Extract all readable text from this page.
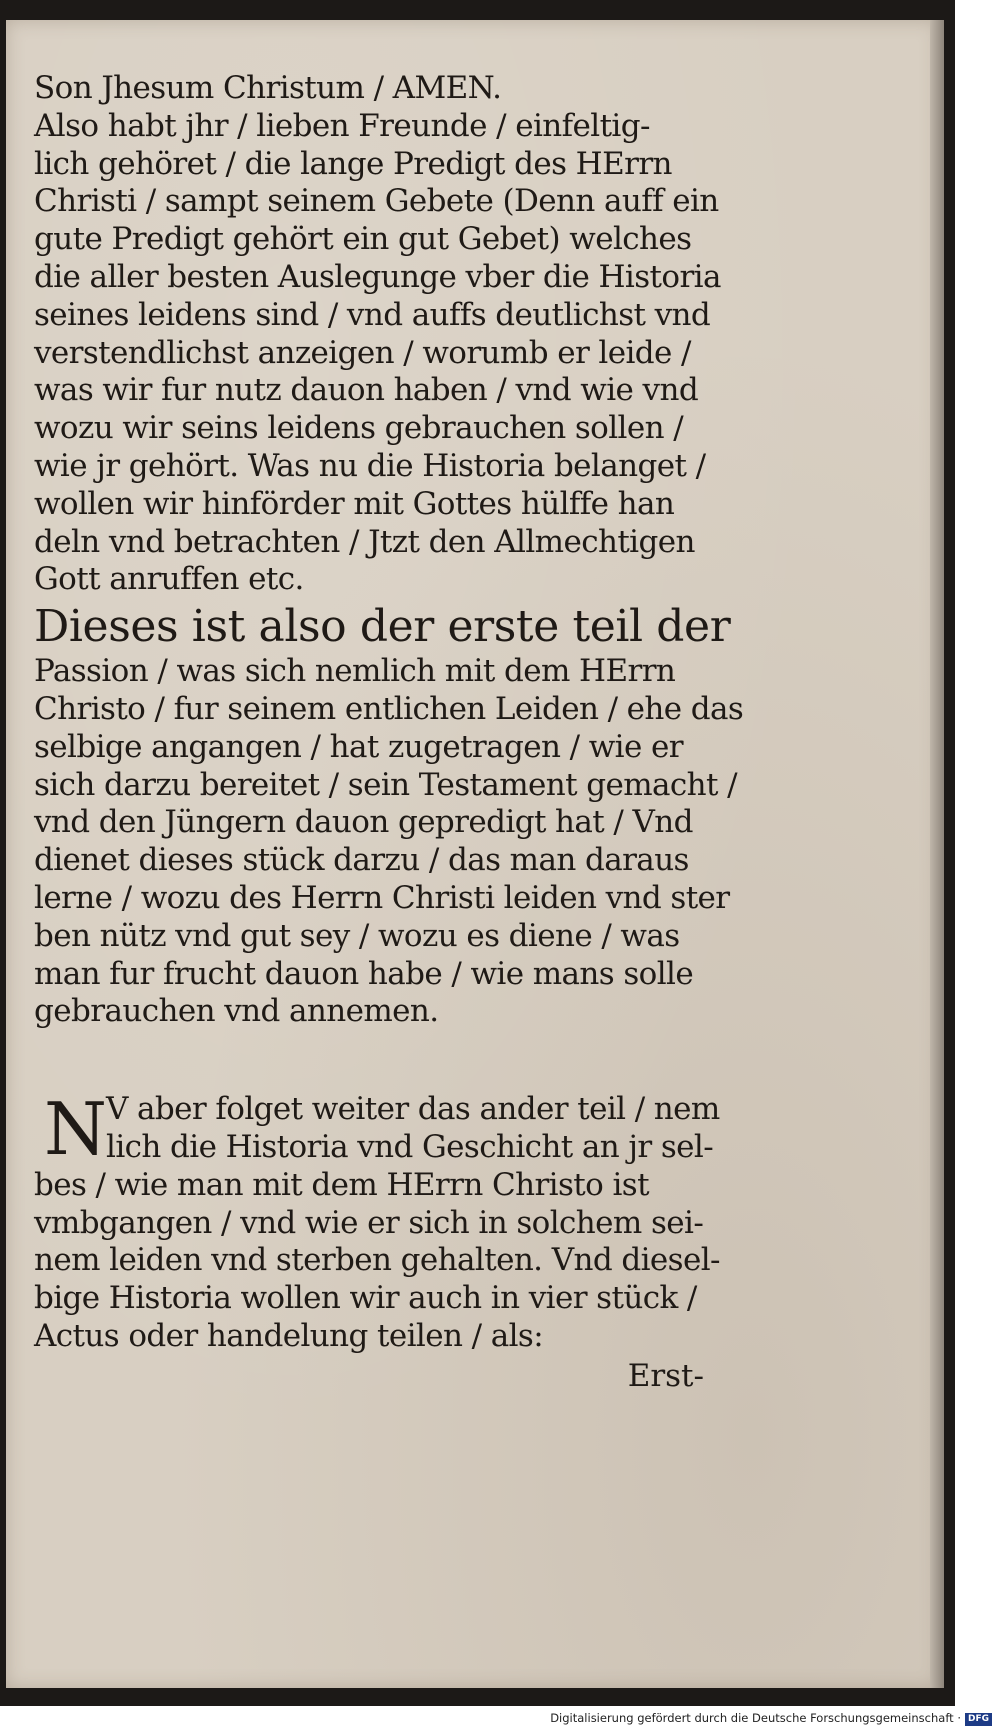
Son Jhesum Christum / AMEN.
Also habt jhr / lieben Freunde / einfeltig-
lich gehöret / die lange Predigt des HErrn
Christi / sampt seinem Gebete (Denn auff ein
gute Predigt gehört ein gut Gebet) welches
die aller besten Auslegunge vber die Historia
seines leidens sind / vnd auffs deutlichst vnd
verstendlichst anzeigen / worumb er leide /
was wir fur nutz dauon haben / vnd wie vnd
wozu wir seins leidens gebrauchen sollen /
wie jr gehört. Was nu die Historia belanget /
wollen wir hinförder mit Gottes hülffe han
deln vnd betrachten / Jtzt den Allmechtigen
Gott anruffen etc.
Dieses ist also der erste teil der
Passion / was sich nemlich mit dem HErrn
Christo / fur seinem entlichen Leiden / ehe das
selbige angangen / hat zugetragen / wie er
sich darzu bereitet / sein Testament gemacht /
vnd den Jüngern dauon gepredigt hat / Vnd
dienet dieses stück darzu / das man daraus
lerne / wozu des Herrn Christi leiden vnd ster
ben nütz vnd gut sey / wozu es diene / was
man fur frucht dauon habe / wie mans solle
gebrauchen vnd annemen.
N V aber folget weiter das ander teil / nem
lich die Historia vnd Geschicht an jr sel-
bes / wie man mit dem HErrn Christo ist
vmbgangen / vnd wie er sich in solchem sei-
nem leiden vnd sterben gehalten. Vnd diesel-
bige Historia wollen wir auch in vier stück /
Actus oder handelung teilen / als:
Erst-
Digitalisierung gefördert durch die Deutsche Forschungsgemeinschaft · DFG
